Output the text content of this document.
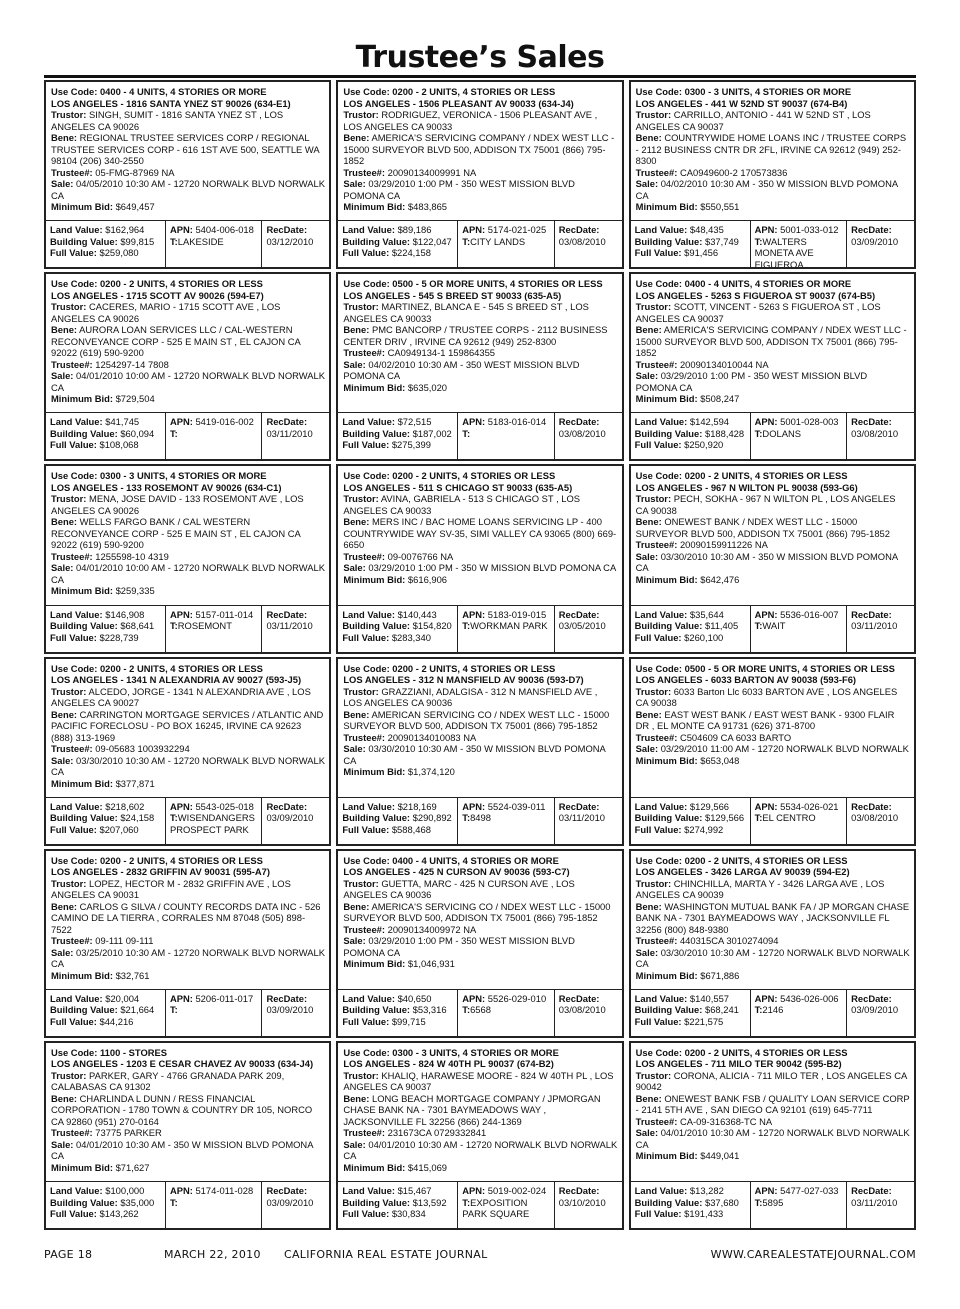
Trustee’s Sales
Use Code: 0400 - 4 UNITS, 4 STORIES OR MORE
LOS ANGELES - 1816 SANTA YNEZ ST 90026 (634-E1)
Trustor: SINGH, SUMIT - 1816 SANTA YNEZ ST , LOS ANGELES CA 90026
Bene: REGIONAL TRUSTEE SERVICES CORP / REGIONAL TRUSTEE SERVICES CORP - 616 1ST AVE 500, SEATTLE WA 98104 (206) 340-2550
Trustee#: 05-FMG-87969 NA
Sale: 04/05/2010 10:30 AM - 12720 NORWALK BLVD NORWALK CA
Minimum Bid: $649,457
Land Value: $162,964
Building Value: $99,815
Full Value: $259,080
APN: 5404-006-018
T:LAKESIDE
RecDate:
03/12/2010
Use Code: 0200 - 2 UNITS, 4 STORIES OR LESS
LOS ANGELES - 1506 PLEASANT AV 90033 (634-J4)
Trustor: RODRIGUEZ, VERONICA - 1506 PLEASANT AVE , LOS ANGELES CA 90033
Bene: AMERICA'S SERVICING COMPANY / NDEX WEST LLC - 15000 SURVEYOR BLVD 500, ADDISON TX 75001 (866) 795-1852
Trustee#: 20090134009991 NA
Sale: 03/29/2010 1:00 PM - 350 WEST MISSION BLVD POMONA CA
Minimum Bid: $483,865
Land Value: $89,186
Building Value: $122,047
Full Value: $224,158
APN: 5174-021-025
T:CITY LANDS
RecDate:
03/08/2010
Use Code: 0300 - 3 UNITS, 4 STORIES OR MORE
LOS ANGELES - 441 W 52ND ST 90037 (674-B4)
Trustor: CARRILLO, ANTONIO - 441 W 52ND ST , LOS ANGELES CA 90037
Bene: COUNTRYWIDE HOME LOANS INC / TRUSTEE CORPS - 2112 BUSINESS CNTR DR 2FL, IRVINE CA 92612 (949) 252-8300
Trustee#: CA0949600-2 170573836
Sale: 04/02/2010 10:30 AM - 350 W MISSION BLVD POMONA CA
Minimum Bid: $550,551
Land Value: $48,435
Building Value: $37,749
Full Value: $91,456
APN: 5001-033-012
T:WALTERS MONETA AVE FIGUEROA
RecDate:
03/09/2010
Use Code: 0200 - 2 UNITS, 4 STORIES OR LESS
LOS ANGELES - 1715 SCOTT AV 90026 (594-E7)
Trustor: CACERES, MARIO - 1715 SCOTT AVE , LOS ANGELES CA 90026
Bene: AURORA LOAN SERVICES LLC / CAL-WESTERN RECONVEYANCE CORP - 525 E MAIN ST , EL CAJON CA 92022 (619) 590-9200
Trustee#: 1254297-14 7808
Sale: 04/01/2010 10:00 AM - 12720 NORWALK BLVD NORWALK CA
Minimum Bid: $729,504
Land Value: $41,745
Building Value: $60,094
Full Value: $108,068
APN: 5419-016-002
T:
RecDate:
03/11/2010
Use Code: 0500 - 5 OR MORE UNITS, 4 STORIES OR LESS
LOS ANGELES - 545 S BREED ST 90033 (635-A5)
Trustor: MARTINEZ, BLANCA E - 545 S BREED ST , LOS ANGELES CA 90033
Bene: PMC BANCORP / TRUSTEE CORPS - 2112 BUSINESS CENTER DRIV , IRVINE CA 92612 (949) 252-8300
Trustee#: CA0949134-1 159864355
Sale: 04/02/2010 10:30 AM - 350 WEST MISSION BLVD POMONA CA
Minimum Bid: $635,020
Land Value: $72,515
Building Value: $187,002
Full Value: $275,399
APN: 5183-016-014
T:
RecDate:
03/08/2010
Use Code: 0400 - 4 UNITS, 4 STORIES OR MORE
LOS ANGELES - 5263 S FIGUEROA ST 90037 (674-B5)
Trustor: SCOTT, VINCENT - 5263 S FIGUEROA ST , LOS ANGELES CA 90037
Bene: AMERICA'S SERVICING COMPANY / NDEX WEST LLC - 15000 SURVEYOR BLVD 500, ADDISON TX 75001 (866) 795-1852
Trustee#: 20090134010044 NA
Sale: 03/29/2010 1:00 PM - 350 WEST MISSION BLVD POMONA CA
Minimum Bid: $508,247
Land Value: $142,594
Building Value: $188,428
Full Value: $250,920
APN: 5001-028-003
T:DOLANS
RecDate:
03/08/2010
Use Code: 0300 - 3 UNITS, 4 STORIES OR MORE
LOS ANGELES - 133 ROSEMONT AV 90026 (634-C1)
Trustor: MENA, JOSE DAVID - 133 ROSEMONT AVE , LOS ANGELES CA 90026
Bene: WELLS FARGO BANK / CAL WESTERN RECONVEYANCE CORP - 525 E MAIN ST , EL CAJON CA 92022 (619) 590-9200
Trustee#: 1255598-10 4319
Sale: 04/01/2010 10:00 AM - 12720 NORWALK BLVD NORWALK CA
Minimum Bid: $259,335
Land Value: $146,908
Building Value: $68,641
Full Value: $228,739
APN: 5157-011-014
T:ROSEMONT
RecDate:
03/11/2010
Use Code: 0200 - 2 UNITS, 4 STORIES OR LESS
LOS ANGELES - 511 S CHICAGO ST 90033 (635-A5)
Trustor: AVINA, GABRIELA - 513 S CHICAGO ST , LOS ANGELES CA 90033
Bene: MERS INC / BAC HOME LOANS SERVICING LP - 400 COUNTRYWIDE WAY SV-35, SIMI VALLEY CA 93065 (800) 669-6650
Trustee#: 09-0076766 NA
Sale: 03/29/2010 1:00 PM - 350 W MISSION BLVD POMONA CA
Minimum Bid: $616,906
Land Value: $140,443
Building Value: $154,820
Full Value: $283,340
APN: 5183-019-015
T:WORKMAN PARK
RecDate:
03/05/2010
Use Code: 0200 - 2 UNITS, 4 STORIES OR LESS
LOS ANGELES - 967 N WILTON PL 90038 (593-G6)
Trustor: PECH, SOKHA - 967 N WILTON PL , LOS ANGELES CA 90038
Bene: ONEWEST BANK / NDEX WEST LLC - 15000 SURVEYOR BLVD 500, ADDISON TX 75001 (866) 795-1852
Trustee#: 20090159911226 NA
Sale: 03/30/2010 10:30 AM - 350 W MISSION BLVD POMONA CA
Minimum Bid: $642,476
Land Value: $35,644
Building Value: $11,405
Full Value: $260,100
APN: 5536-016-007
T:WAIT
RecDate:
03/11/2010
Use Code: 0200 - 2 UNITS, 4 STORIES OR LESS
LOS ANGELES - 1341 N ALEXANDRIA AV 90027 (593-J5)
Trustor: ALCEDO, JORGE - 1341 N ALEXANDRIA AVE , LOS ANGELES CA 90027
Bene: CARRINGTON MORTGAGE SERVICES / ATLANTIC AND PACIFIC FORECLOSU - PO BOX 16245, IRVINE CA 92623 (888) 313-1969
Trustee#: 09-05683 1003932294
Sale: 03/30/2010 10:30 AM - 12720 NORWALK BLVD NORWALK CA
Minimum Bid: $377,871
Land Value: $218,602
Building Value: $24,158
Full Value: $207,060
APN: 5543-025-018
T:WISENDANGERS PROSPECT PARK
RecDate:
03/09/2010
Use Code: 0200 - 2 UNITS, 4 STORIES OR LESS
LOS ANGELES - 312 N MANSFIELD AV 90036 (593-D7)
Trustor: GRAZZIANI, ADALGISA - 312 N MANSFIELD AVE , LOS ANGELES CA 90036
Bene: AMERICAN SERVICING CO / NDEX WEST LLC - 15000 SURVEYOR BLVD 500, ADDISON TX 75001 (866) 795-1852
Trustee#: 20090134010083 NA
Sale: 03/30/2010 10:30 AM - 350 W MISSION BLVD POMONA CA
Minimum Bid: $1,374,120
Land Value: $218,169
Building Value: $290,892
Full Value: $588,468
APN: 5524-039-011
T:8498
RecDate:
03/11/2010
Use Code: 0500 - 5 OR MORE UNITS, 4 STORIES OR LESS
LOS ANGELES - 6033 BARTON AV 90038 (593-F6)
Trustor: 6033 Barton Llc 6033 BARTON AVE , LOS ANGELES CA 90038
Bene: EAST WEST BANK / EAST WEST BANK - 9300 FLAIR DR , EL MONTE CA 91731 (626) 371-8700
Trustee#: C504609 CA 6033 BARTO
Sale: 03/29/2010 11:00 AM - 12720 NORWALK BLVD NORWALK
Minimum Bid: $653,048
Land Value: $129,566
Building Value: $129,566
Full Value: $274,992
APN: 5534-026-021
T:EL CENTRO
RecDate:
03/08/2010
Use Code: 0200 - 2 UNITS, 4 STORIES OR LESS
LOS ANGELES - 2832 GRIFFIN AV 90031 (595-A7)
Trustor: LOPEZ, HECTOR M - 2832 GRIFFIN AVE , LOS ANGELES CA 90031
Bene: CARLOS G SILVA / COUNTY RECORDS DATA INC - 526 CAMINO DE LA TIERRA , CORRALES NM 87048 (505) 898-7522
Trustee#: 09-111 09-111
Sale: 03/25/2010 10:30 AM - 12720 NORWALK BLVD NORWALK CA
Minimum Bid: $32,761
Land Value: $20,004
Building Value: $21,664
Full Value: $44,216
APN: 5206-011-017
T:
RecDate:
03/09/2010
Use Code: 0400 - 4 UNITS, 4 STORIES OR MORE
LOS ANGELES - 425 N CURSON AV 90036 (593-C7)
Trustor: GUETTA, MARC - 425 N CURSON AVE , LOS ANGELES CA 90036
Bene: AMERICA'S SERVICING CO / NDEX WEST LLC - 15000 SURVEYOR BLVD 500, ADDISON TX 75001 (866) 795-1852
Trustee#: 20090134009972 NA
Sale: 03/29/2010 1:00 PM - 350 WEST MISSION BLVD POMONA CA
Minimum Bid: $1,046,931
Land Value: $40,650
Building Value: $53,316
Full Value: $99,715
APN: 5526-029-010
T:6568
RecDate:
03/08/2010
Use Code: 0200 - 2 UNITS, 4 STORIES OR LESS
LOS ANGELES - 3426 LARGA AV 90039 (594-E2)
Trustor: CHINCHILLA, MARTA Y - 3426 LARGA AVE , LOS ANGELES CA 90039
Bene: WASHINGTON MUTUAL BANK FA / JP MORGAN CHASE BANK NA - 7301 BAYMEADOWS WAY , JACKSONVILLE FL 32256 (800) 848-9380
Trustee#: 440315CA 3010274094
Sale: 03/30/2010 10:30 AM - 12720 NORWALK BLVD NORWALK CA
Minimum Bid: $671,886
Land Value: $140,557
Building Value: $68,241
Full Value: $221,575
APN: 5436-026-006
T:2146
RecDate:
03/09/2010
Use Code: 1100 - STORES
LOS ANGELES - 1203 E CESAR CHAVEZ AV 90033 (634-J4)
Trustor: PARKER, GARY - 4766 GRANADA PARK 209, CALABASAS CA 91302
Bene: CHARLINDA L DUNN / RESS FINANCIAL CORPORATION - 1780 TOWN & COUNTRY DR 105, NORCO CA 92860 (951) 270-0164
Trustee#: 73775 PARKER
Sale: 04/01/2010 10:30 AM - 350 W MISSION BLVD POMONA CA
Minimum Bid: $71,627
Land Value: $100,000
Building Value: $35,000
Full Value: $143,262
APN: 5174-011-028
T:
RecDate:
03/09/2010
Use Code: 0300 - 3 UNITS, 4 STORIES OR MORE
LOS ANGELES - 824 W 40TH PL 90037 (674-B2)
Trustor: KHALIQ, HARAWESE MOORE - 824 W 40TH PL , LOS ANGELES CA 90037
Bene: LONG BEACH MORTGAGE COMPANY / JPMORGAN CHASE BANK NA - 7301 BAYMEADOWS WAY , JACKSONVILLE FL 32256 (866) 244-1369
Trustee#: 231673CA 0729332841
Sale: 04/01/2010 10:30 AM - 12720 NORWALK BLVD NORWALK CA
Minimum Bid: $415,069
Land Value: $15,467
Building Value: $13,592
Full Value: $30,834
APN: 5019-002-024
T:EXPOSITION PARK SQUARE
RecDate:
03/10/2010
Use Code: 0200 - 2 UNITS, 4 STORIES OR LESS
LOS ANGELES - 711 MILO TER 90042 (595-B2)
Trustor: CORONA, ALICIA - 711 MILO TER , LOS ANGELES CA 90042
Bene: ONEWEST BANK FSB / QUALITY LOAN SERVICE CORP - 2141 5TH AVE , SAN DIEGO CA 92101 (619) 645-7711
Trustee#: CA-09-316368-TC NA
Sale: 04/01/2010 10:30 AM - 12720 NORWALK BLVD NORWALK CA
Minimum Bid: $449,041
Land Value: $13,282
Building Value: $37,680
Full Value: $191,433
APN: 5477-027-033
T:5895
RecDate:
03/11/2010
PAGE 18	MARCH 22, 2010 CALIFORNIA REAL ESTATE JOURNAL	WWW.CAREALESTATEJOURNAL.COM
